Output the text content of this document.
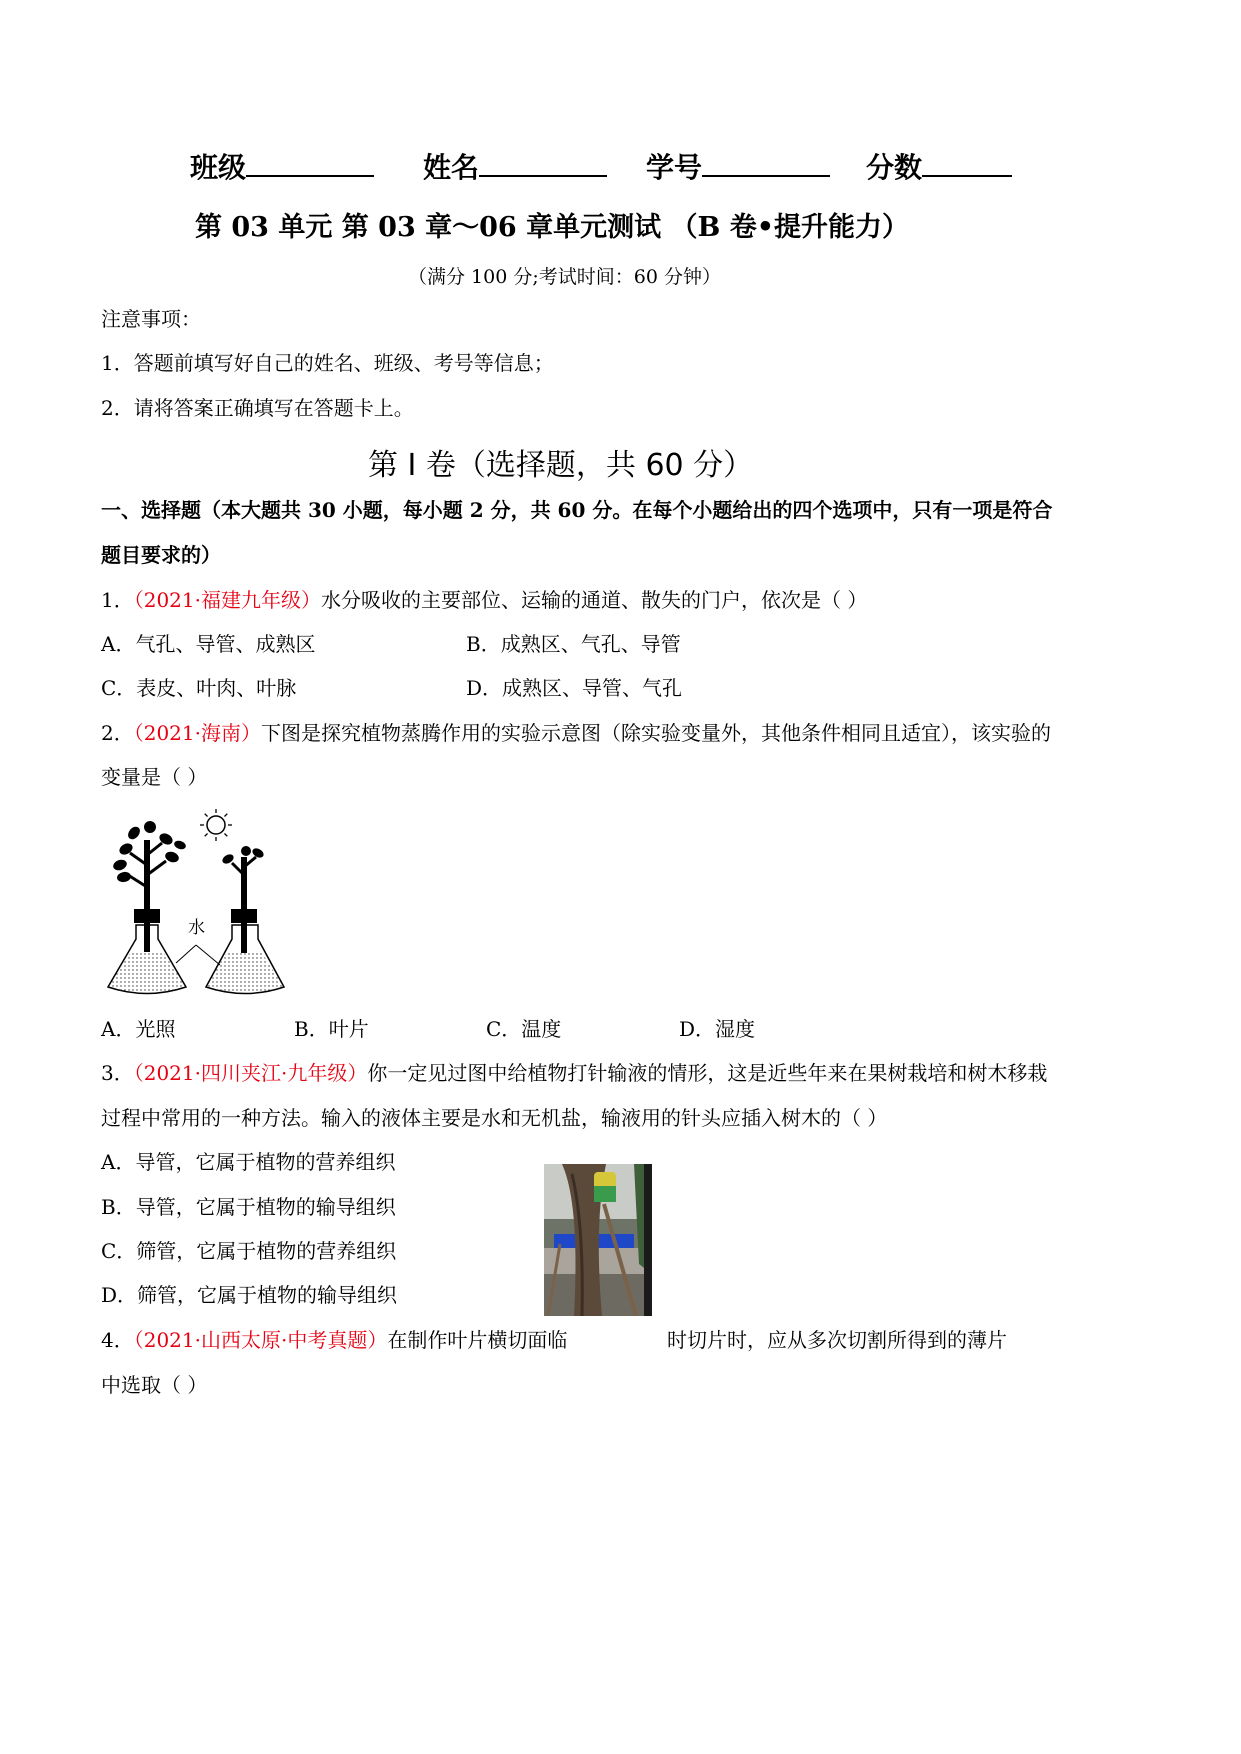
班级	姓名	学号	分数
第 03 单元 第 03 章～06 章单元测试 （B 卷•提升能力）
（满分 100 分;考试时间：60 分钟）
注意事项：
1．答题前填写好自己的姓名、班级、考号等信息；
2．请将答案正确填写在答题卡上。
第 I 卷（选择题，共 60 分）
一、选择题（本大题共 30 小题，每小题 2 分，共 60 分。在每个小题给出的四个选项中，只有一项是符合
题目要求的）
1．（2021·福建九年级）水分吸收的主要部位、运输的通道、散失的门户，依次是（ ）
A．气孔、导管、成熟区	B．成熟区、气孔、导管
C．表皮、叶肉、叶脉	D．成熟区、导管、气孔
2．（2021·海南）下图是探究植物蒸腾作用的实验示意图（除实验变量外，其他条件相同且适宜），该实验的
变量是（ ）
水
A．光照	B．叶片	C．温度	D．湿度
3．（2021·四川夹江·九年级）你一定见过图中给植物打针输液的情形，这是近些年来在果树栽培和树木移栽
过程中常用的一种方法。输入的液体主要是水和无机盐，输液用的针头应插入树木的（ ）
A．导管，它属于植物的营养组织
B．导管，它属于植物的输导组织
C．筛管，它属于植物的营养组织
D．筛管，它属于植物的输导组织
4．（2021·山西太原·中考真题）在制作叶片横切面临	时切片时，应从多次切割所得到的薄片
中选取（ ）
